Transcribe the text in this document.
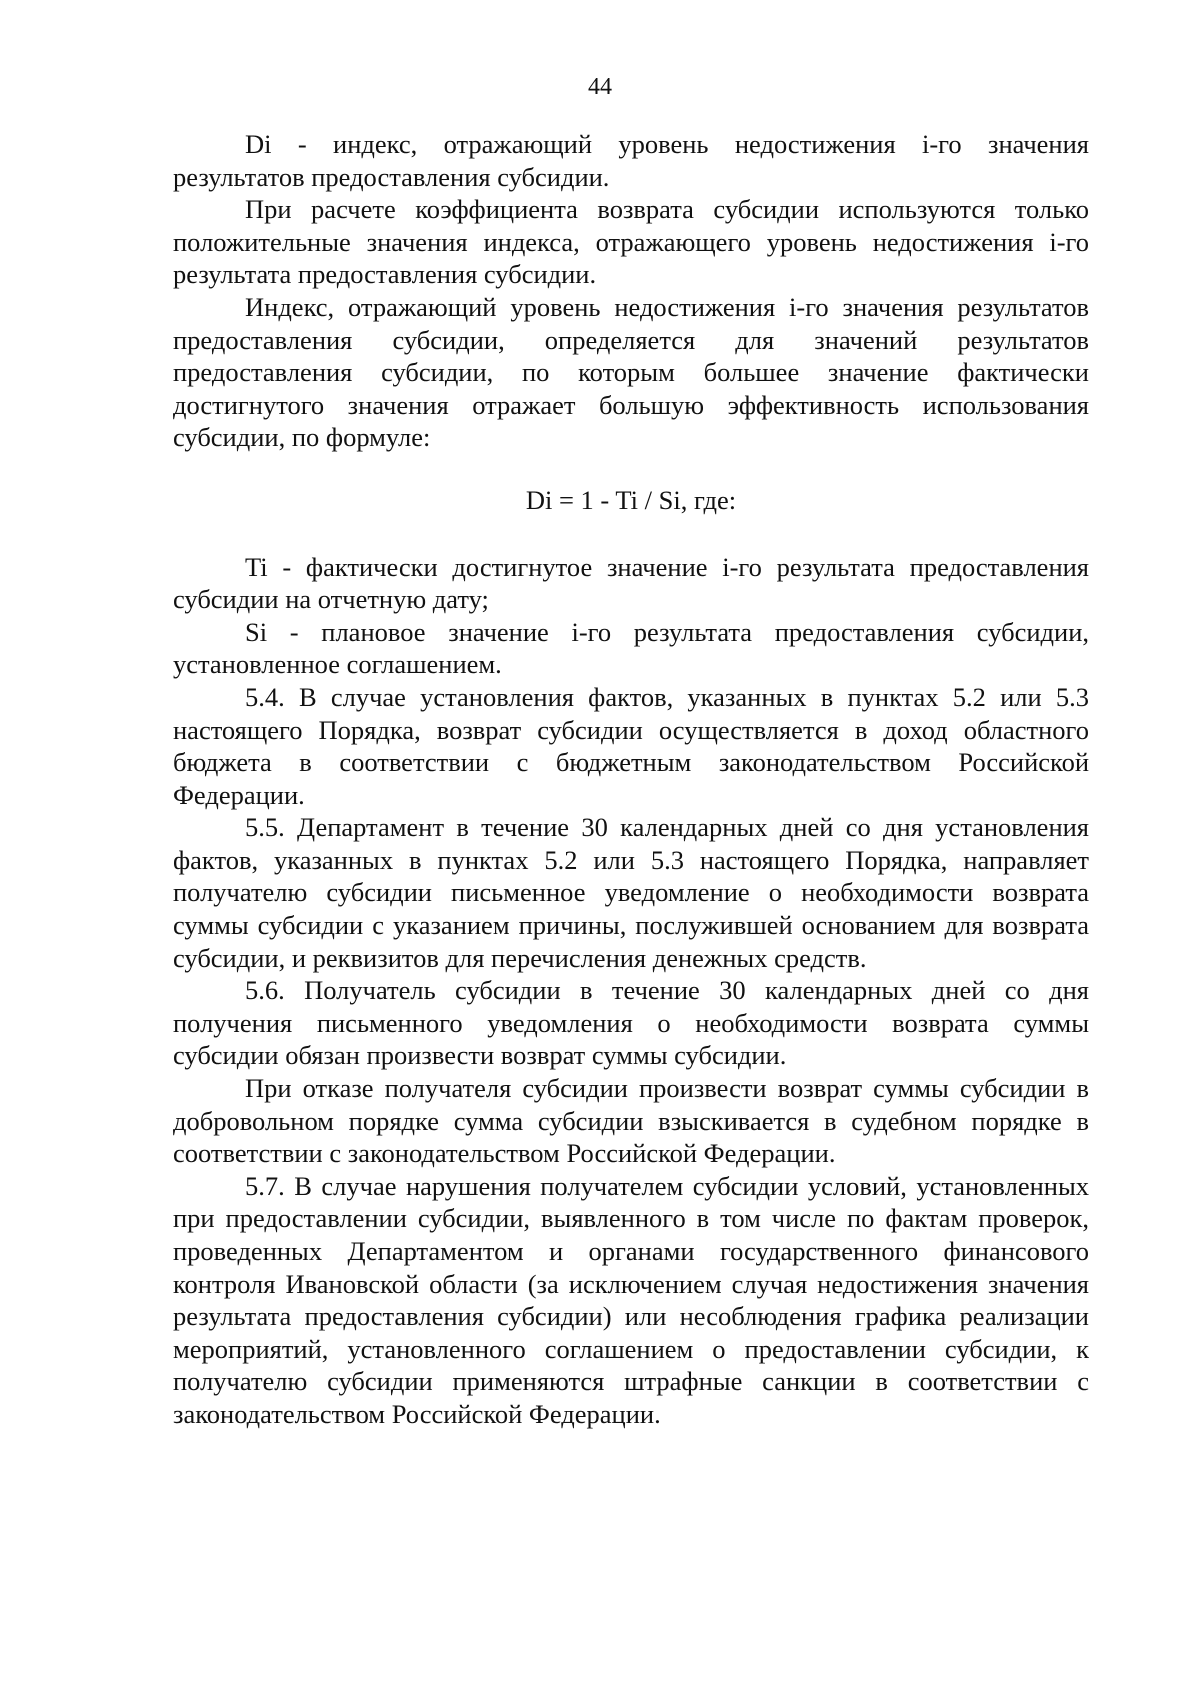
44

Di - индекс, отражающий уровень недостижения i-го значения результатов предоставления субсидии.

При расчете коэффициента возврата субсидии используются только положительные значения индекса, отражающего уровень недостижения i-го результата предоставления субсидии.

Индекс, отражающий уровень недостижения i-го значения результатов предоставления субсидии, определяется для значений результатов предоставления субсидии, по которым большее значение фактически достигнутого значения отражает большую эффективность использования субсидии, по формуле:

Di = 1 - Ti / Si, где:

Ti - фактически достигнутое значение i-го результата предоставления субсидии на отчетную дату;

Si - плановое значение i-го результата предоставления субсидии, установленное соглашением.

5.4. В случае установления фактов, указанных в пунктах 5.2 или 5.3 настоящего Порядка, возврат субсидии осуществляется в доход областного бюджета в соответствии с бюджетным законодательством Российской Федерации.

5.5. Департамент в течение 30 календарных дней со дня установления фактов, указанных в пунктах 5.2 или 5.3 настоящего Порядка, направляет получателю субсидии письменное уведомление о необходимости возврата суммы субсидии с указанием причины, послужившей основанием для возврата субсидии, и реквизитов для перечисления денежных средств.

5.6. Получатель субсидии в течение 30 календарных дней со дня получения письменного уведомления о необходимости возврата суммы субсидии обязан произвести возврат суммы субсидии.

При отказе получателя субсидии произвести возврат суммы субсидии в добровольном порядке сумма субсидии взыскивается в судебном порядке в соответствии с законодательством Российской Федерации.

5.7. В случае нарушения получателем субсидии условий, установленных при предоставлении субсидии, выявленного в том числе по фактам проверок, проведенных Департаментом и органами государственного финансового контроля Ивановской области (за исключением случая недостижения значения результата предоставления субсидии) или несоблюдения графика реализации мероприятий, установленного соглашением о предоставлении субсидии, к получателю субсидии применяются штрафные санкции в соответствии с законодательством Российской Федерации.
